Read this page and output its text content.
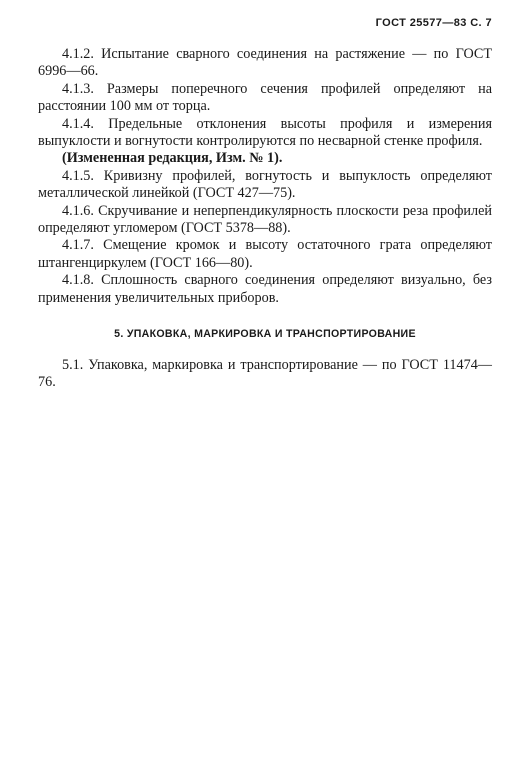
ГОСТ 25577—83 С. 7

4.1.2. Испытание сварного соединения на растяжение — по ГОСТ 6996—66.

4.1.3. Размеры поперечного сечения профилей определяют на расстоянии 100 мм от торца.

4.1.4. Предельные отклонения высоты профиля и измерения выпуклости и вогнутости контролируются по несварной стенке профиля.

(Измененная редакция, Изм. № 1).

4.1.5. Кривизну профилей, вогнутость и выпуклость определяют металлической линейкой (ГОСТ 427—75).

4.1.6. Скручивание и неперпендикулярность плоскости реза профилей определяют угломером (ГОСТ 5378—88).

4.1.7. Смещение кромок и высоту остаточного грата определяют штангенциркулем (ГОСТ 166—80).

4.1.8. Сплошность сварного соединения определяют визуально, без применения увеличительных приборов.

5. УПАКОВКА, МАРКИРОВКА И ТРАНСПОРТИРОВАНИЕ

5.1. Упаковка, маркировка и транспортирование — по ГОСТ 11474—76.
